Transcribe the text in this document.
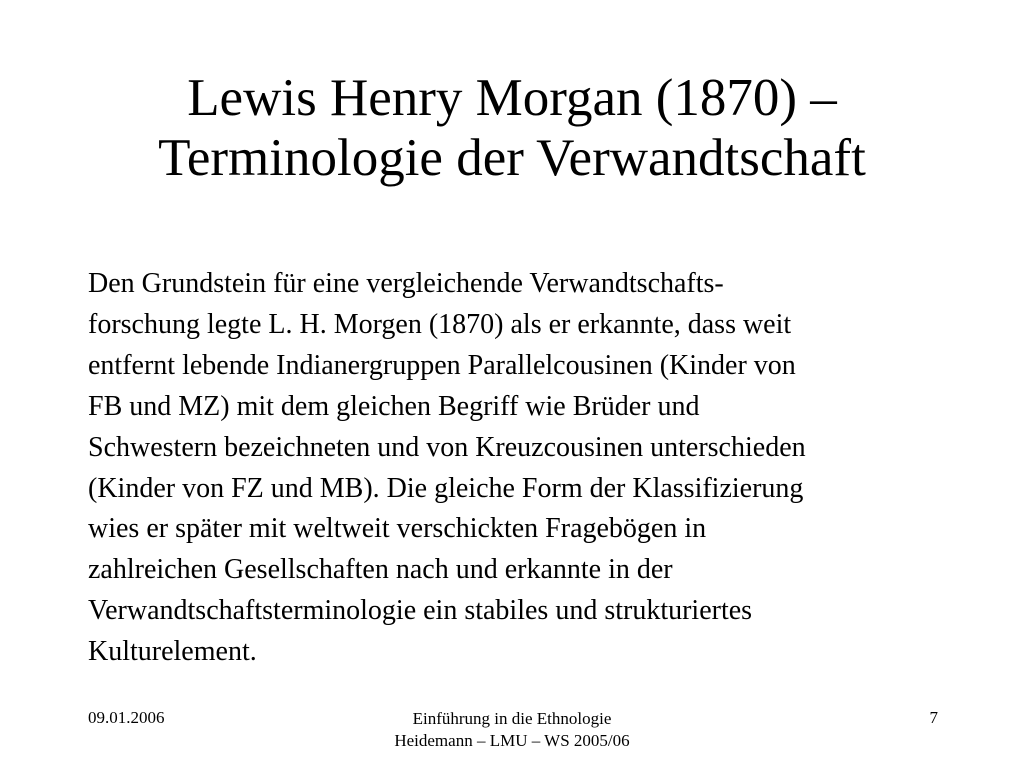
Lewis Henry Morgan (1870) –
Terminologie der Verwandtschaft
Den Grundstein für eine vergleichende Verwandtschafts-
forschung legte L. H. Morgen (1870) als er erkannte, dass weit
entfernt lebende Indianergruppen Parallelcousinen (Kinder von
FB und MZ) mit dem gleichen Begriff wie Brüder und
Schwestern bezeichneten und von Kreuzcousinen unterschieden
(Kinder von FZ und MB). Die gleiche Form der Klassifizierung
wies er später mit weltweit verschickten Fragebögen in
zahlreichen Gesellschaften nach und erkannte in der
Verwandtschaftsterminologie ein stabiles und strukturiertes
Kulturelement.
09.01.2006	Einführung in die Ethnologie
Heidemann – LMU – WS 2005/06
7
